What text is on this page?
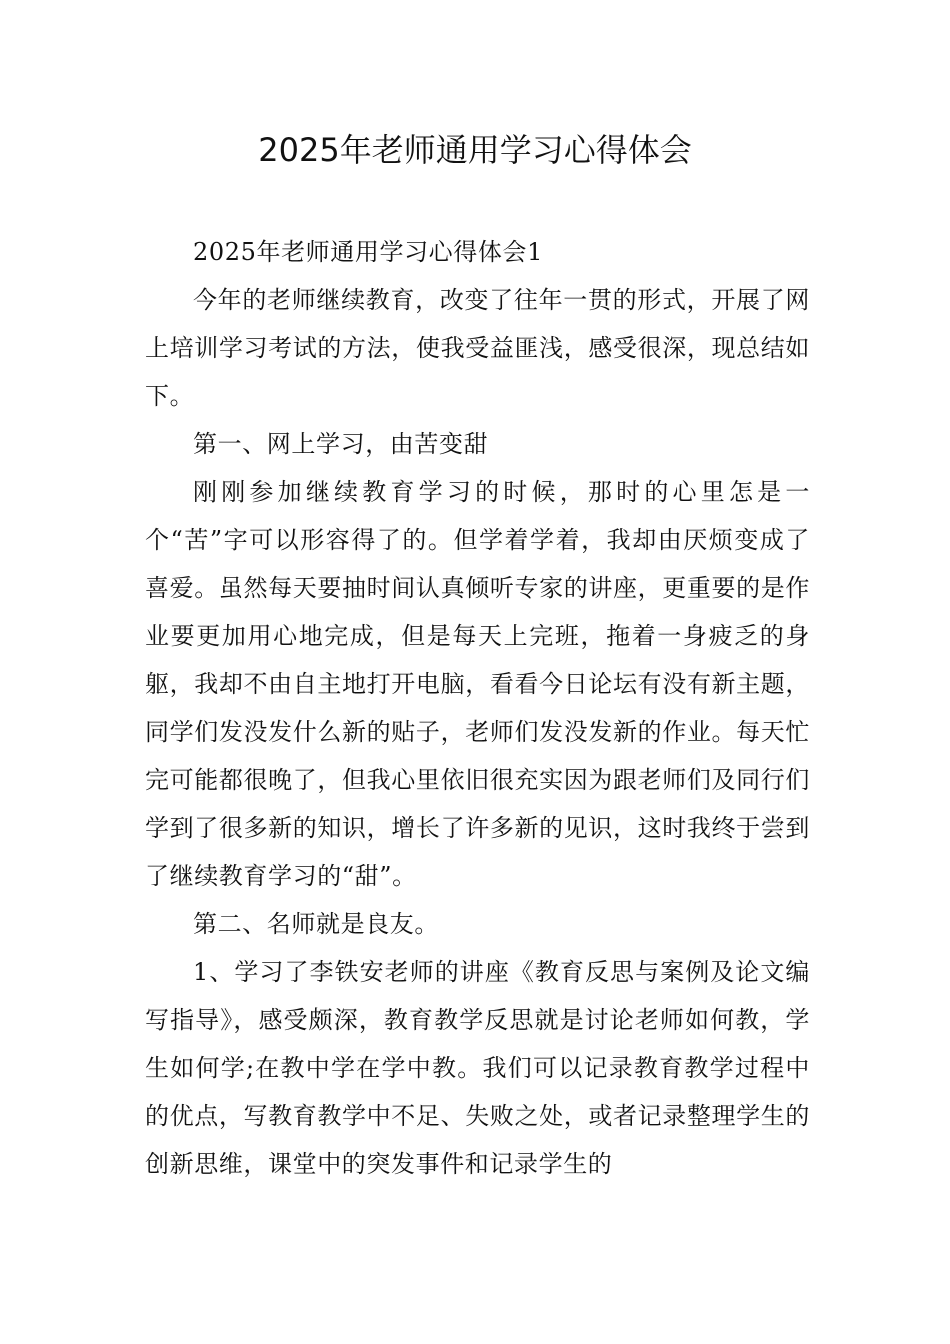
2025年老师通用学习心得体会

2025年老师通用学习心得体会1

今年的老师继续教育，改变了往年一贯的形式，开展了网上培训学习考试的方法，使我受益匪浅，感受很深，现总结如下。

第一、网上学习，由苦变甜

刚刚参加继续教育学习的时候，那时的心里怎是一个“苦”字可以形容得了的。但学着学着，我却由厌烦变成了喜爱。虽然每天要抽时间认真倾听专家的讲座，更重要的是作业要更加用心地完成，但是每天上完班，拖着一身疲乏的身躯，我却不由自主地打开电脑，看看今日论坛有没有新主题，同学们发没发什么新的贴子，老师们发没发新的作业。每天忙完可能都很晚了，但我心里依旧很充实因为跟老师们及同行们学到了很多新的知识，增长了许多新的见识，这时我终于尝到了继续教育学习的“甜”。

第二、名师就是良友。

1、学习了李铁安老师的讲座《教育反思与案例及论文编写指导》，感受颇深，教育教学反思就是讨论老师如何教，学生如何学;在教中学在学中教。我们可以记录教育教学过程中的优点，写教育教学中不足、失败之处，或者记录整理学生的创新思维，课堂中的突发事件和记录学生的
